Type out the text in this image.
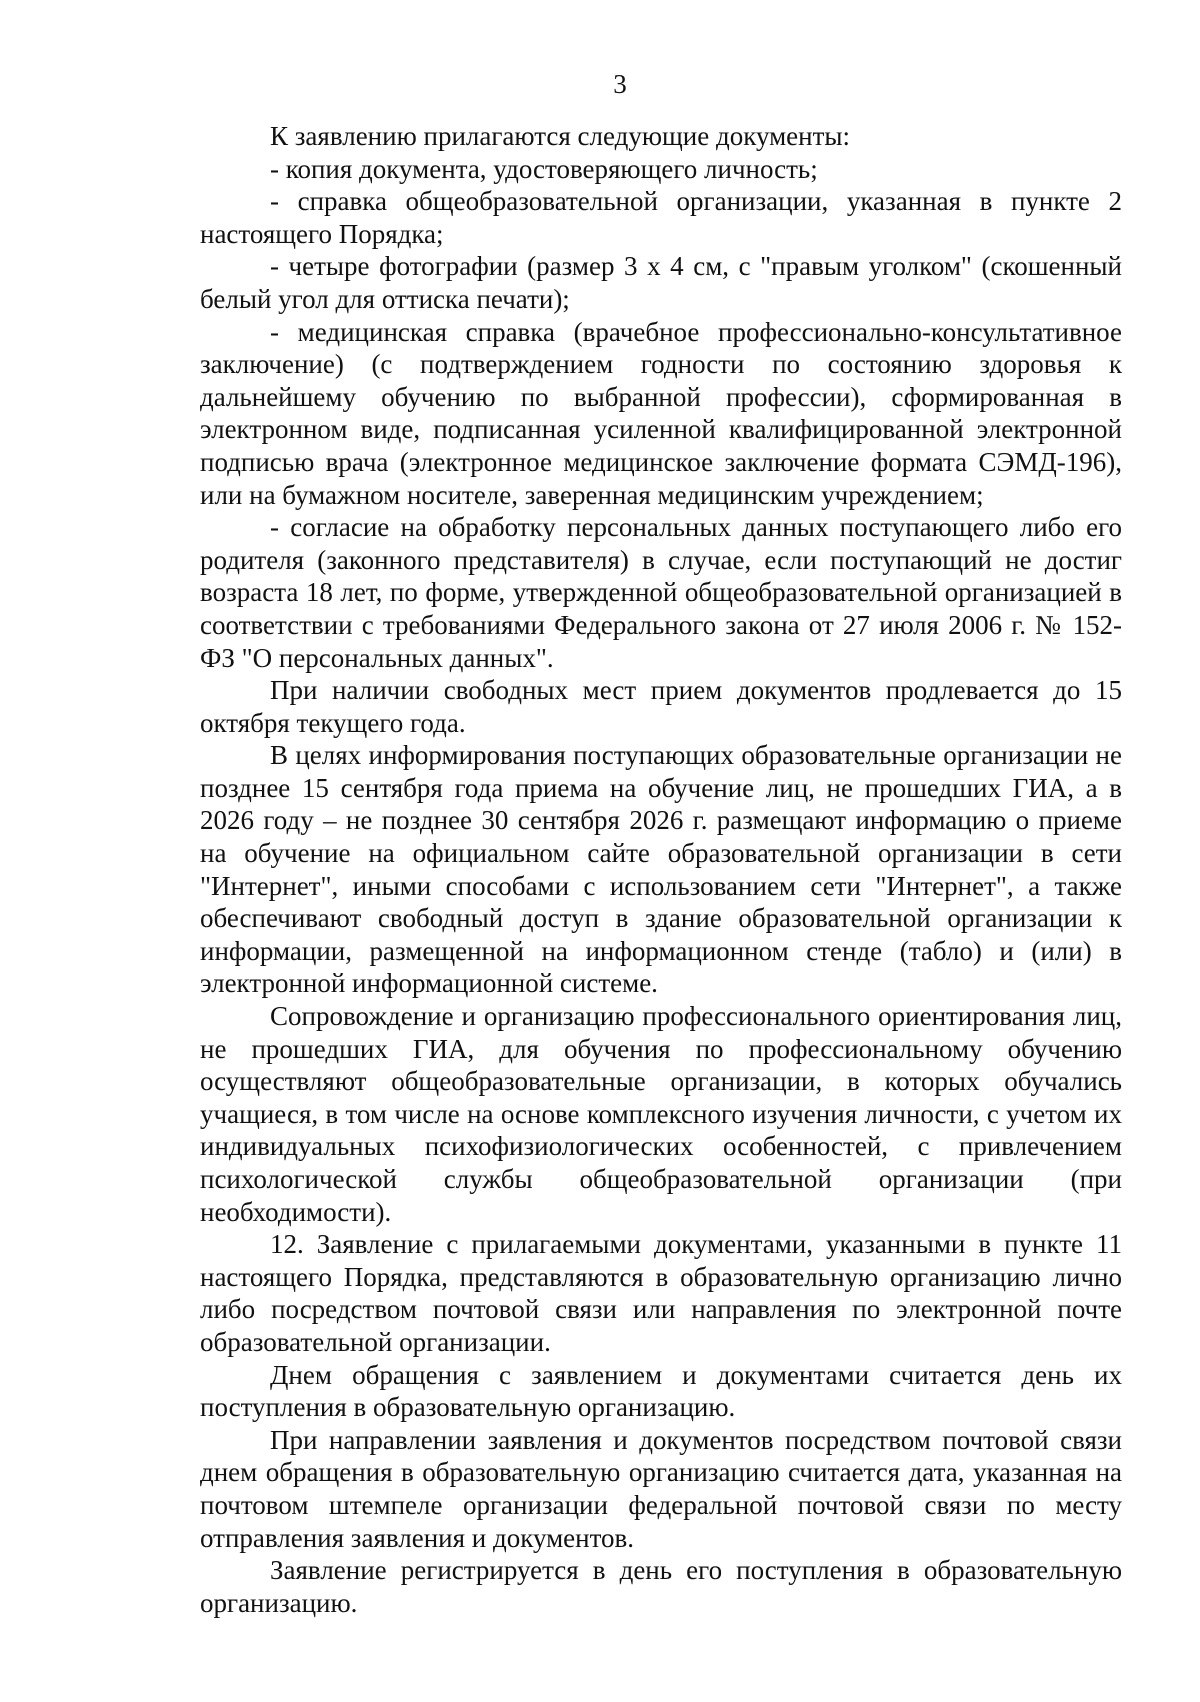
3

К заявлению прилагаются следующие документы:

- копия документа, удостоверяющего личность;

- справка общеобразовательной организации, указанная в пункте 2 настоящего Порядка;

- четыре фотографии (размер 3 х 4 см, с "правым уголком" (скошенный белый угол для оттиска печати);

- медицинская справка (врачебное профессионально-консультативное заключение) (с подтверждением годности по состоянию здоровья к дальнейшему обучению по выбранной профессии), сформированная в электронном виде, подписанная усиленной квалифицированной электронной подписью врача (электронное медицинское заключение формата СЭМД-196), или на бумажном носителе, заверенная медицинским учреждением;

- согласие на обработку персональных данных поступающего либо его родителя (законного представителя) в случае, если поступающий не достиг возраста 18 лет, по форме, утвержденной общеобразовательной организацией в соответствии с требованиями Федерального закона от 27 июля 2006 г. № 152-ФЗ "О персональных данных".

При наличии свободных мест прием документов продлевается до 15 октября текущего года.

В целях информирования поступающих образовательные организации не позднее 15 сентября года приема на обучение лиц, не прошедших ГИА, а в 2026 году – не позднее 30 сентября 2026 г. размещают информацию о приеме на обучение на официальном сайте образовательной организации в сети "Интернет", иными способами с использованием сети "Интернет", а также обеспечивают свободный доступ в здание образовательной организации к информации, размещенной на информационном стенде (табло) и (или) в электронной информационной системе.

Сопровождение и организацию профессионального ориентирования лиц, не прошедших ГИА, для обучения по профессиональному обучению осуществляют общеобразовательные организации, в которых обучались учащиеся, в том числе на основе комплексного изучения личности, с учетом их индивидуальных психофизиологических особенностей, с привлечением психологической службы общеобразовательной организации (при необходимости).

12. Заявление с прилагаемыми документами, указанными в пункте 11 настоящего Порядка, представляются в образовательную организацию лично либо посредством почтовой связи или направления по электронной почте образовательной организации.

Днем обращения с заявлением и документами считается день их поступления в образовательную организацию.

При направлении заявления и документов посредством почтовой связи днем обращения в образовательную организацию считается дата, указанная на почтовом штемпеле организации федеральной почтовой связи по месту отправления заявления и документов.

Заявление регистрируется в день его поступления в образовательную организацию.
